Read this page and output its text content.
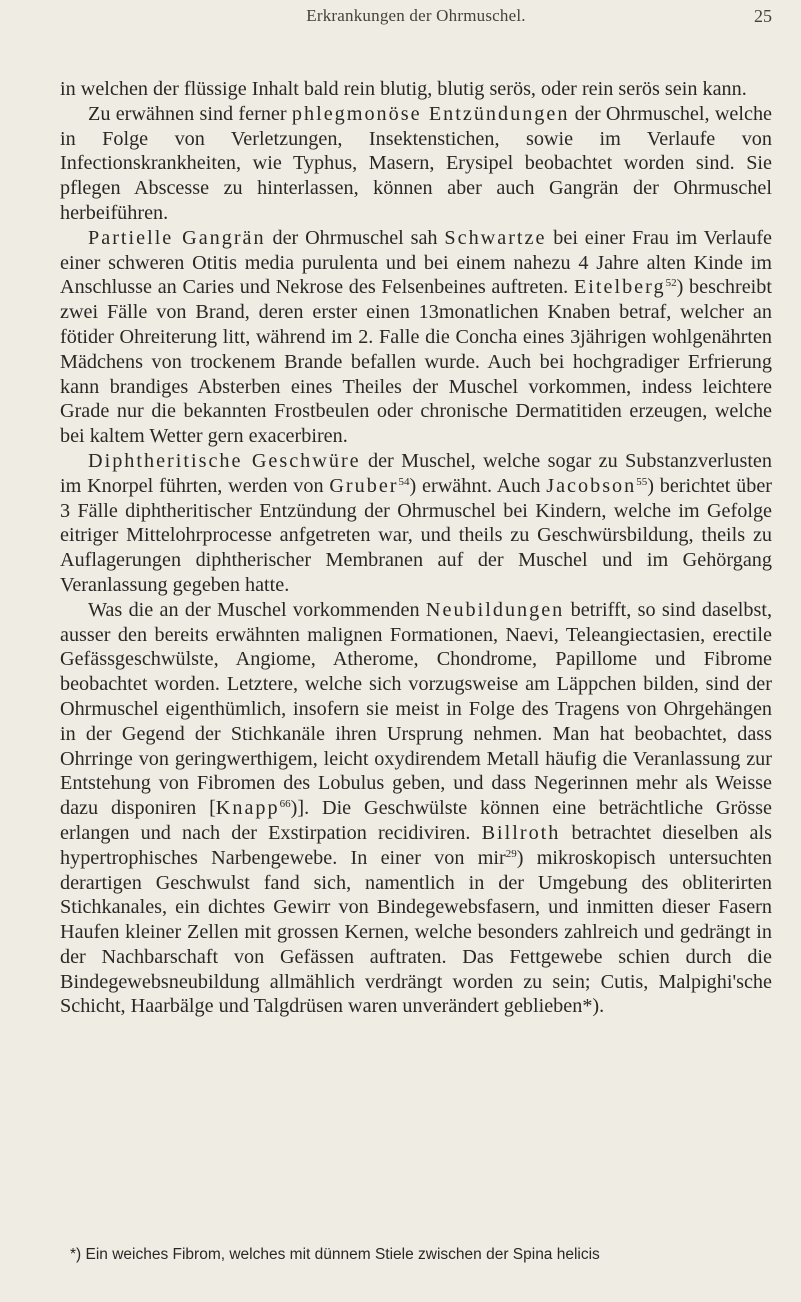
Erkrankungen der Ohrmuschel.	25

in welchen der flüssige Inhalt bald rein blutig, blutig serös, oder rein serös sein kann.

Zu erwähnen sind ferner phlegmonöse Entzündungen der Ohrmuschel, welche in Folge von Verletzungen, Insektenstichen, sowie im Verlaufe von Infectionskrankheiten, wie Typhus, Masern, Erysipel beobachtet worden sind. Sie pflegen Abscesse zu hinterlassen, können aber auch Gangrän der Ohrmuschel herbeiführen.

Partielle Gangrän der Ohrmuschel sah Schwartze bei einer Frau im Verlaufe einer schweren Otitis media purulenta und bei einem nahezu 4 Jahre alten Kinde im Anschlusse an Caries und Nekrose des Felsenbeines auftreten. Eitelberg$^{52}$) beschreibt zwei Fälle von Brand, deren erster einen 13monatlichen Knaben betraf, welcher an fötider Ohreiterung litt, während im 2. Falle die Concha eines 3jährigen wohlgenährten Mädchens von trockenem Brande befallen wurde. Auch bei hochgradiger Erfrierung kann brandiges Absterben eines Theiles der Muschel vorkommen, indess leichtere Grade nur die bekannten Frostbeulen oder chronische Dermatitiden erzeugen, welche bei kaltem Wetter gern exacerbiren.

Diphtheritische Geschwüre der Muschel, welche sogar zu Substanzverlusten im Knorpel führten, werden von Gruber$^{54}$) erwähnt. Auch Jacobson$^{55}$) berichtet über 3 Fälle diphtheritischer Entzündung der Ohrmuschel bei Kindern, welche im Gefolge eitriger Mittelohrprocesse anfgetreten war, und theils zu Geschwürsbildung, theils zu Auflagerungen diphtherischer Membranen auf der Muschel und im Gehörgang Veranlassung gegeben hatte.

Was die an der Muschel vorkommenden Neubildungen betrifft, so sind daselbst, ausser den bereits erwähnten malignen Formationen, Naevi, Teleangiectasien, erectile Gefässgeschwülste, Angiome, Atherome, Chondrome, Papillome und Fibrome beobachtet worden. Letztere, welche sich vorzugsweise am Läppchen bilden, sind der Ohrmuschel eigenthümlich, insofern sie meist in Folge des Tragens von Ohrgehängen in der Gegend der Stichkanäle ihren Ursprung nehmen. Man hat beobachtet, dass Ohrringe von geringwerthigem, leicht oxydirendem Metall häufig die Veranlassung zur Entstehung von Fibromen des Lobulus geben, und dass Negerinnen mehr als Weisse dazu disponiren [Knapp$^{66}$)]. Die Geschwülste können eine beträchtliche Grösse erlangen und nach der Exstirpation recidiviren. Billroth betrachtet dieselben als hypertrophisches Narbengewebe. In einer von mir$^{29}$) mikroskopisch untersuchten derartigen Geschwulst fand sich, namentlich in der Umgebung des obliterirten Stichkanales, ein dichtes Gewirr von Bindegewebsfasern, und inmitten dieser Fasern Haufen kleiner Zellen mit grossen Kernen, welche besonders zahlreich und gedrängt in der Nachbarschaft von Gefässen auftraten. Das Fettgewebe schien durch die Bindegewebsneubildung allmählich verdrängt worden zu sein; Cutis, Malpighi'sche Schicht, Haarbälge und Talgdrüsen waren unverändert geblieben*).

*) Ein weiches Fibrom, welches mit dünnem Stiele zwischen der Spina helicis
